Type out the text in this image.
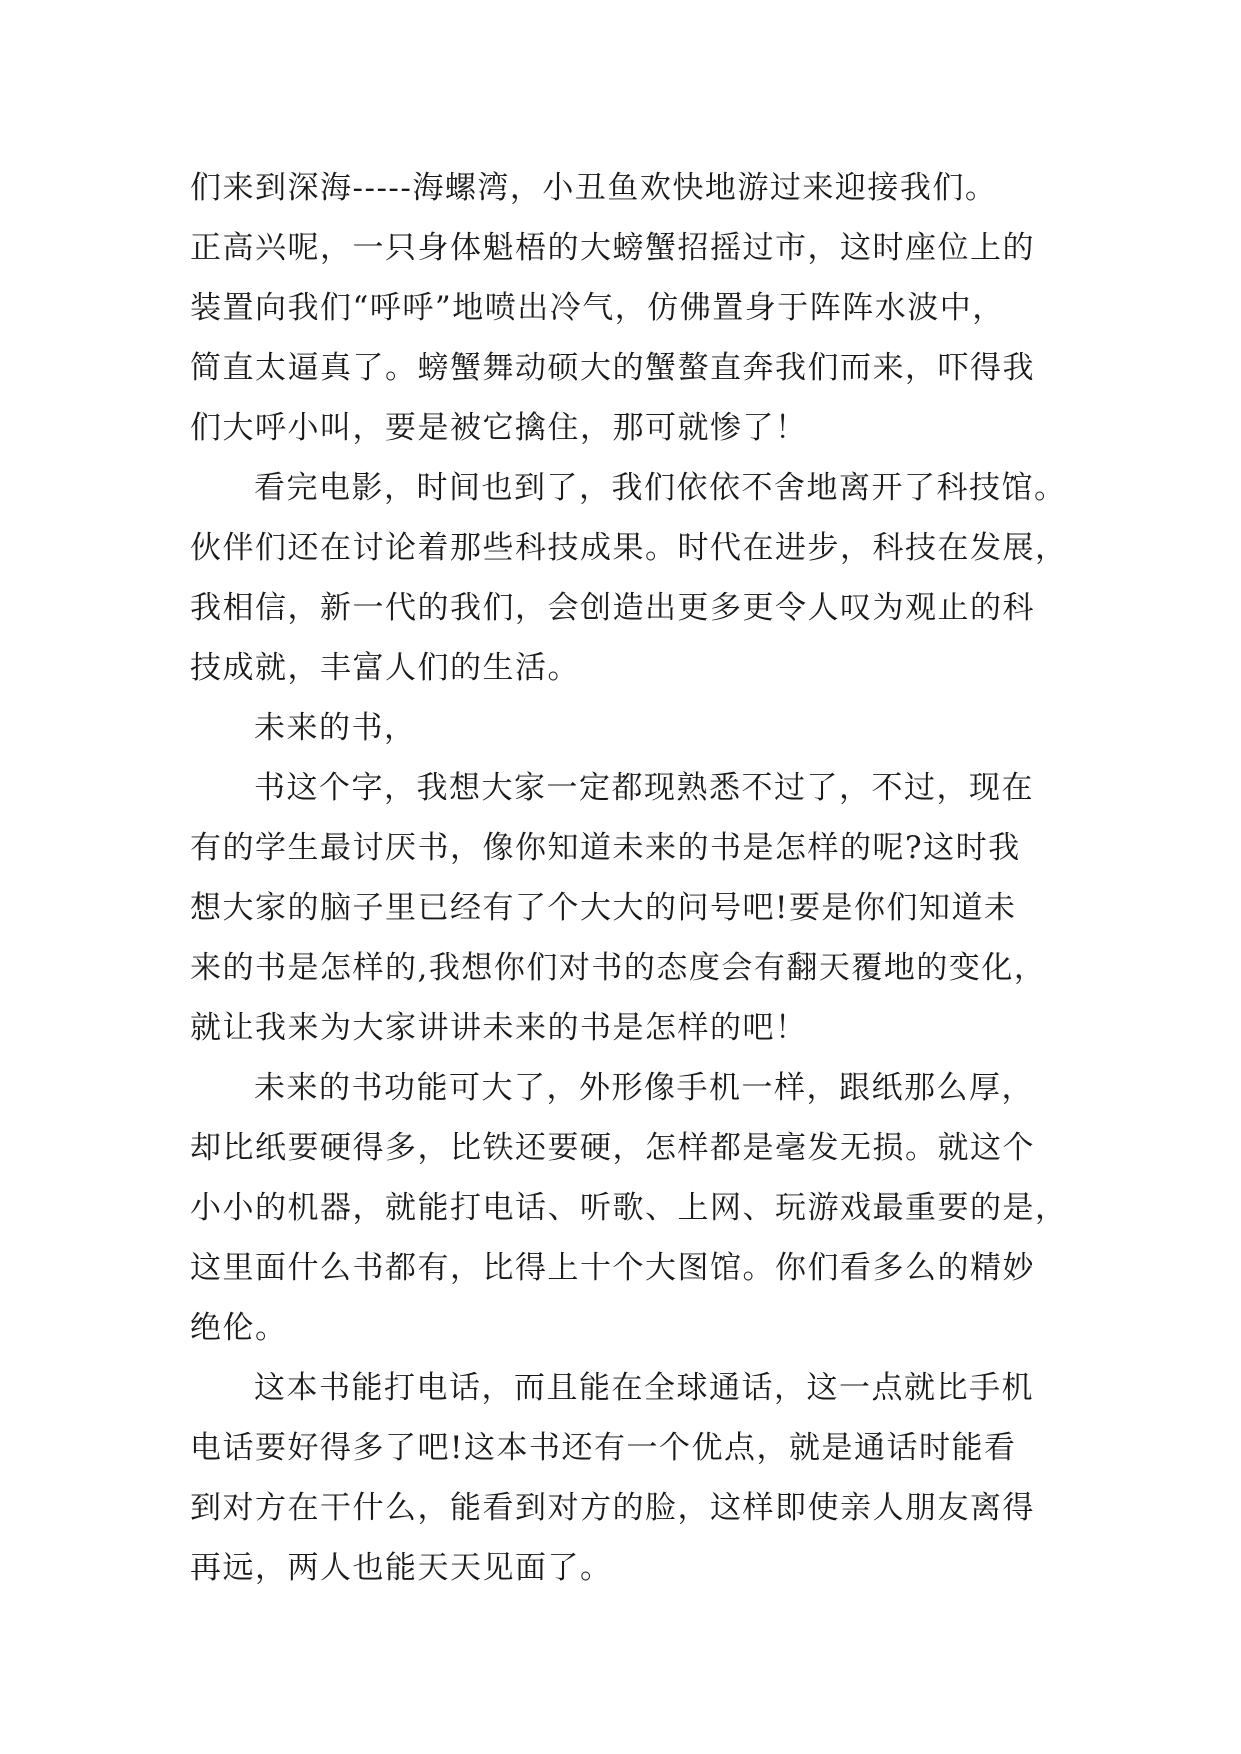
们来到深海-----海螺湾，小丑鱼欢快地游过来迎接我们。
正高兴呢，一只身体魁梧的大螃蟹招摇过市，这时座位上的
装置向我们“呼呼”地喷出冷气，仿佛置身于阵阵水波中，
简直太逼真了。螃蟹舞动硕大的蟹螯直奔我们而来，吓得我
们大呼小叫，要是被它擒住，那可就惨了！
看完电影，时间也到了，我们依依不舍地离开了科技馆。
伙伴们还在讨论着那些科技成果。时代在进步，科技在发展，
我相信，新一代的我们，会创造出更多更令人叹为观止的科
技成就，丰富人们的生活。
未来的书，
书这个字，我想大家一定都现熟悉不过了，不过，现在
有的学生最讨厌书，像你知道未来的书是怎样的呢?这时我
想大家的脑子里已经有了个大大的问号吧!要是你们知道未
来的书是怎样的,我想你们对书的态度会有翻天覆地的变化，
就让我来为大家讲讲未来的书是怎样的吧！
未来的书功能可大了，外形像手机一样，跟纸那么厚，
却比纸要硬得多，比铁还要硬，怎样都是毫发无损。就这个
小小的机器，就能打电话、听歌、上网、玩游戏最重要的是，
这里面什么书都有，比得上十个大图馆。你们看多么的精妙
绝伦。
这本书能打电话，而且能在全球通话，这一点就比手机
电话要好得多了吧!这本书还有一个优点，就是通话时能看
到对方在干什么，能看到对方的脸，这样即使亲人朋友离得
再远，两人也能天天见面了。
